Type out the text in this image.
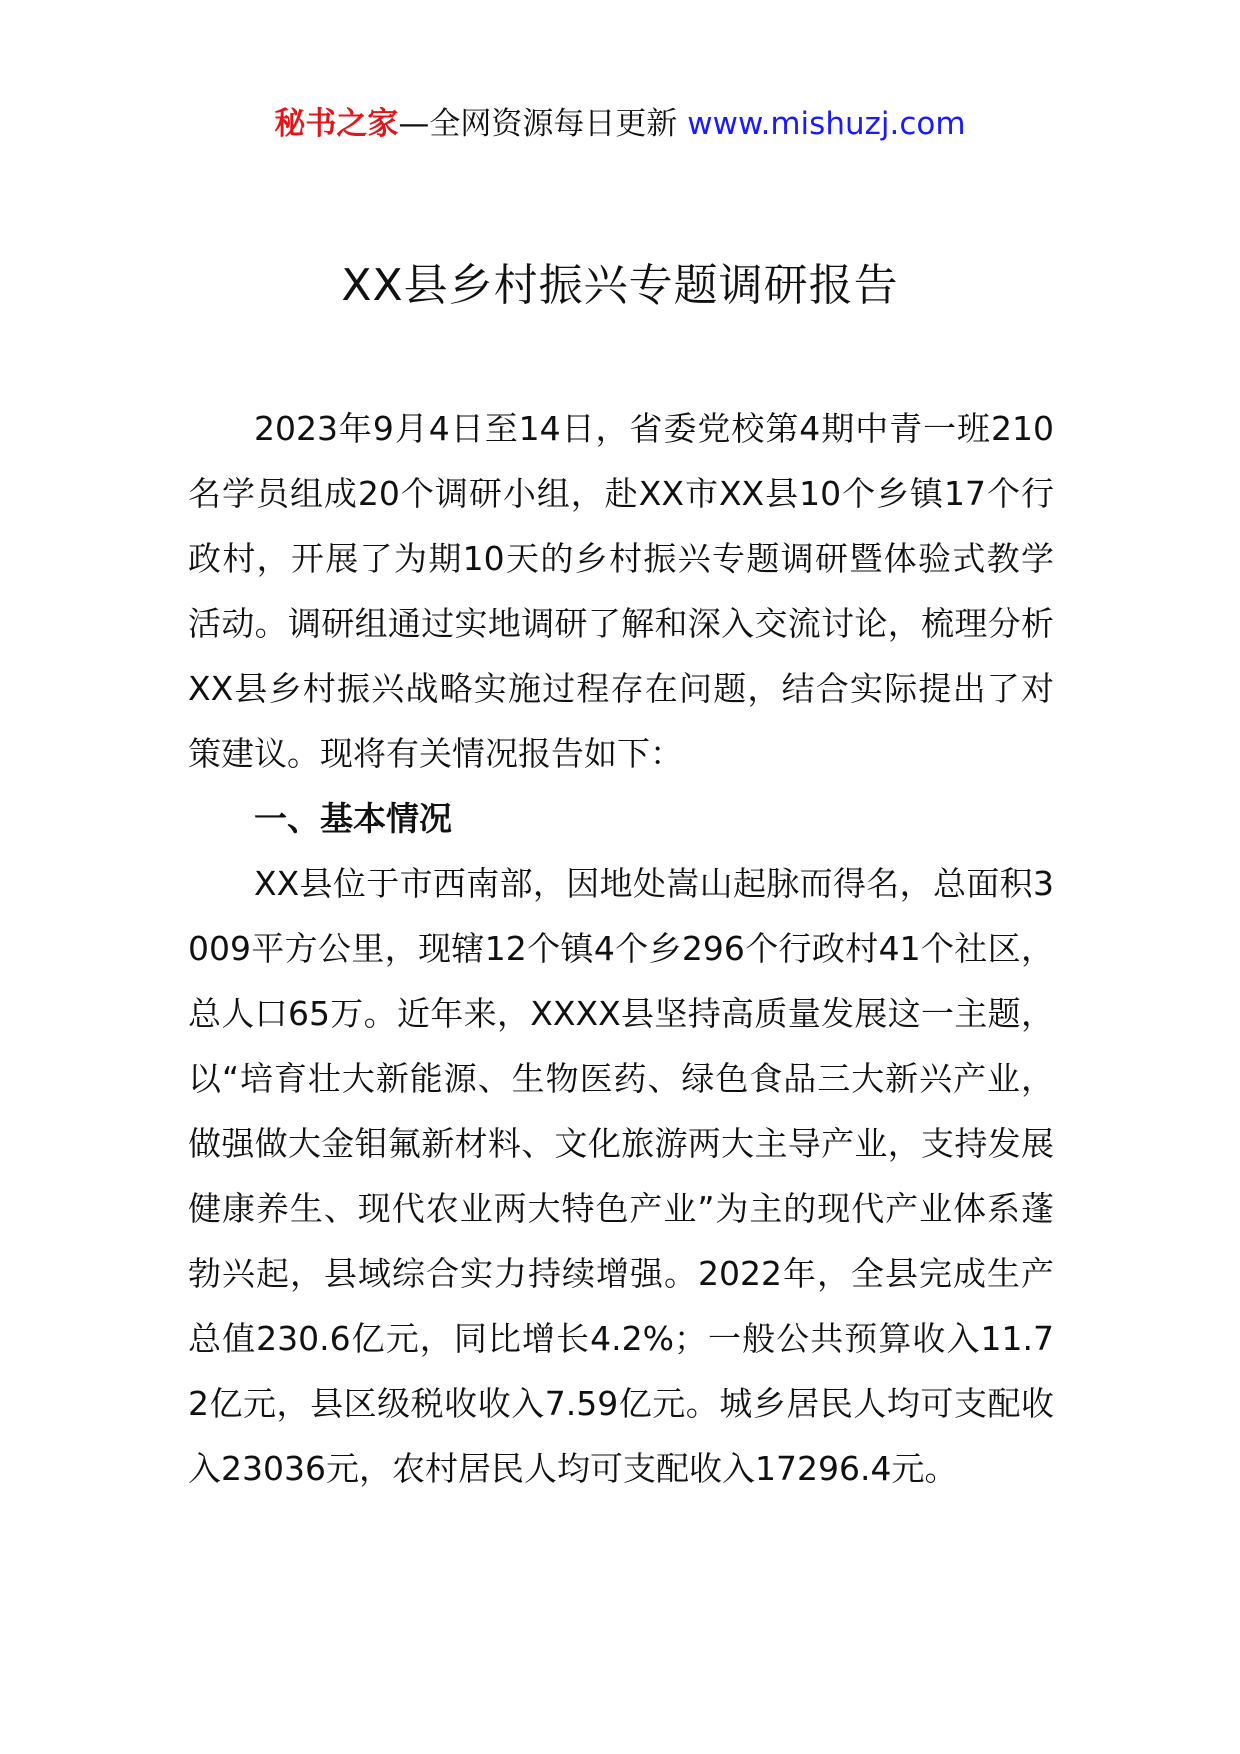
秘书之家—全网资源每日更新 www.mishuzj.com
XX县乡村振兴专题调研报告

2023年9月4日至14日，省委党校第4期中青一班210名学员组成20个调研小组，赴XX市XX县10个乡镇17个行政村，开展了为期10天的乡村振兴专题调研暨体验式教学活动。调研组通过实地调研了解和深入交流讨论，梳理分析XX县乡村振兴战略实施过程存在问题，结合实际提出了对策建议。现将有关情况报告如下：

一、基本情况

XX县位于市西南部，因地处嵩山起脉而得名，总面积3009平方公里，现辖12个镇4个乡296个行政村41个社区，总人口65万。近年来，XXXX县坚持高质量发展这一主题，以“培育壮大新能源、生物医药、绿色食品三大新兴产业，做强做大金钼氟新材料、文化旅游两大主导产业，支持发展健康养生、现代农业两大特色产业”为主的现代产业体系蓬勃兴起，县域综合实力持续增强。2022年，全县完成生产总值230.6亿元，同比增长4.2%；一般公共预算收入11.72亿元，县区级税收收入7.59亿元。城乡居民人均可支配收入23036元，农村居民人均可支配收入17296.4元。
